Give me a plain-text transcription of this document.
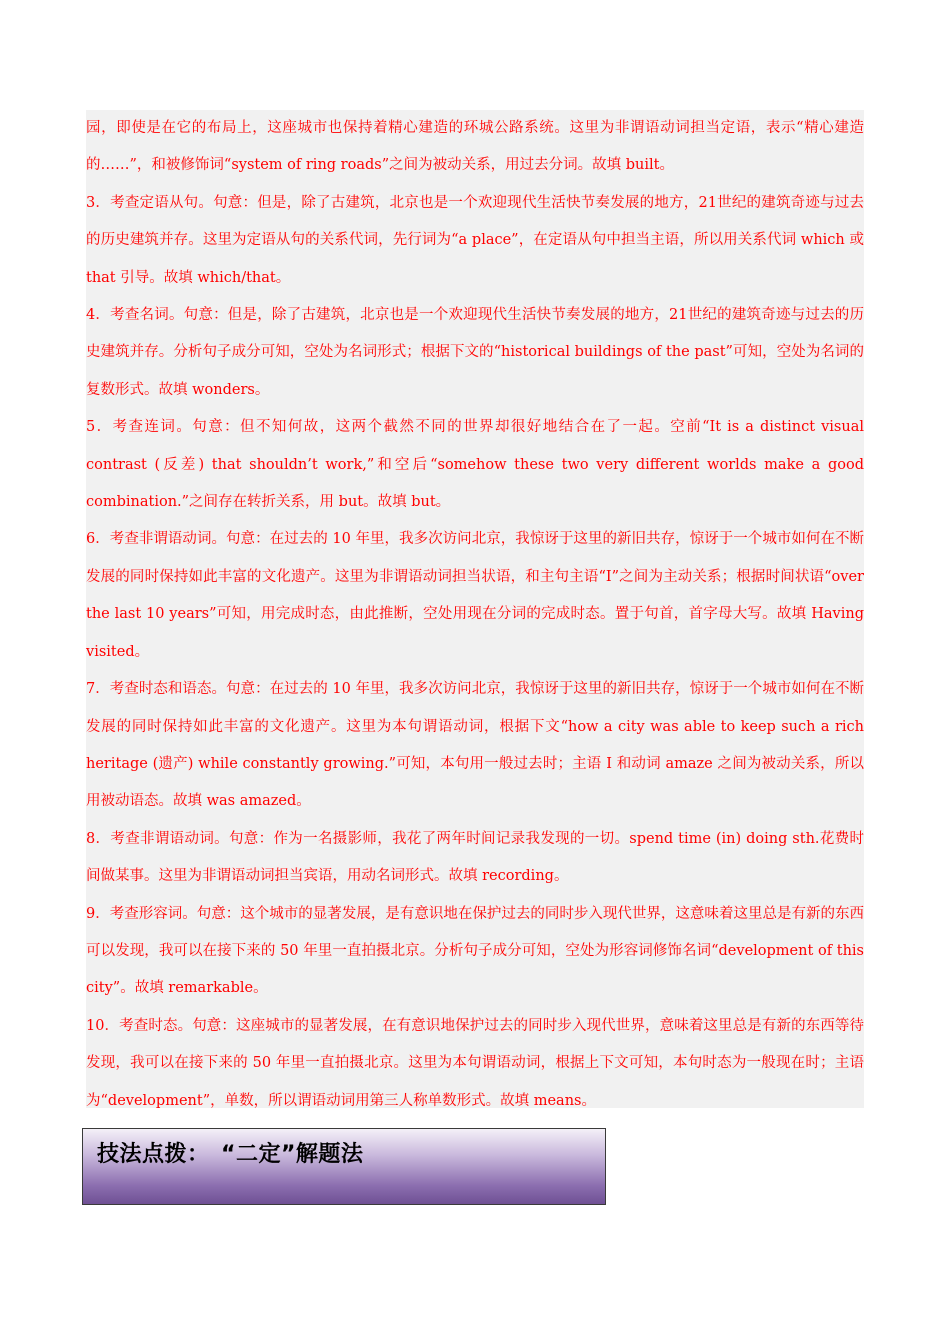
园，即使是在它的布局上，这座城市也保持着精心建造的环城公路系统。这里为非谓语动词担当定语，表示“精心建造的……”，和被修饰词“system of ring roads”之间为被动关系，用过去分词。故填 built。

3．考查定语从句。句意：但是，除了古建筑，北京也是一个欢迎现代生活快节奏发展的地方，21世纪的建筑奇迹与过去的历史建筑并存。这里为定语从句的关系代词，先行词为“a place”，在定语从句中担当主语，所以用关系代词 which 或 that 引导。故填 which/that。

4．考查名词。句意：但是，除了古建筑，北京也是一个欢迎现代生活快节奏发展的地方，21世纪的建筑奇迹与过去的历史建筑并存。分析句子成分可知，空处为名词形式；根据下文的“historical buildings of the past”可知，空处为名词的复数形式。故填 wonders。

5．考查连词。句意：但不知何故，这两个截然不同的世界却很好地结合在了一起。空前“It is a distinct visual contrast (反差) that shouldn’t work,”和空后“somehow these two very different worlds make a good combination.”之间存在转折关系，用 but。故填 but。

6．考查非谓语动词。句意：在过去的 10 年里，我多次访问北京，我惊讶于这里的新旧共存，惊讶于一个城市如何在不断发展的同时保持如此丰富的文化遗产。这里为非谓语动词担当状语，和主句主语“I”之间为主动关系；根据时间状语“over the last 10 years”可知，用完成时态，由此推断，空处用现在分词的完成时态。置于句首，首字母大写。故填 Having visited。

7．考查时态和语态。句意：在过去的 10 年里，我多次访问北京，我惊讶于这里的新旧共存，惊讶于一个城市如何在不断发展的同时保持如此丰富的文化遗产。这里为本句谓语动词，根据下文“how a city was able to keep such a rich heritage (遗产) while constantly growing.”可知，本句用一般过去时；主语 I 和动词 amaze 之间为被动关系，所以用被动语态。故填 was amazed。

8．考查非谓语动词。句意：作为一名摄影师，我花了两年时间记录我发现的一切。spend time (in) doing sth.花费时间做某事。这里为非谓语动词担当宾语，用动名词形式。故填 recording。

9．考查形容词。句意：这个城市的显著发展，是有意识地在保护过去的同时步入现代世界，这意味着这里总是有新的东西可以发现，我可以在接下来的 50 年里一直拍摄北京。分析句子成分可知，空处为形容词修饰名词“development of this city”。故填 remarkable。

10．考查时态。句意：这座城市的显著发展，在有意识地保护过去的同时步入现代世界，意味着这里总是有新的东西等待发现，我可以在接下来的 50 年里一直拍摄北京。这里为本句谓语动词，根据上下文可知，本句时态为一般现在时；主语为“development”，单数，所以谓语动词用第三人称单数形式。故填 means。

技法点拨：　“二定”解题法
